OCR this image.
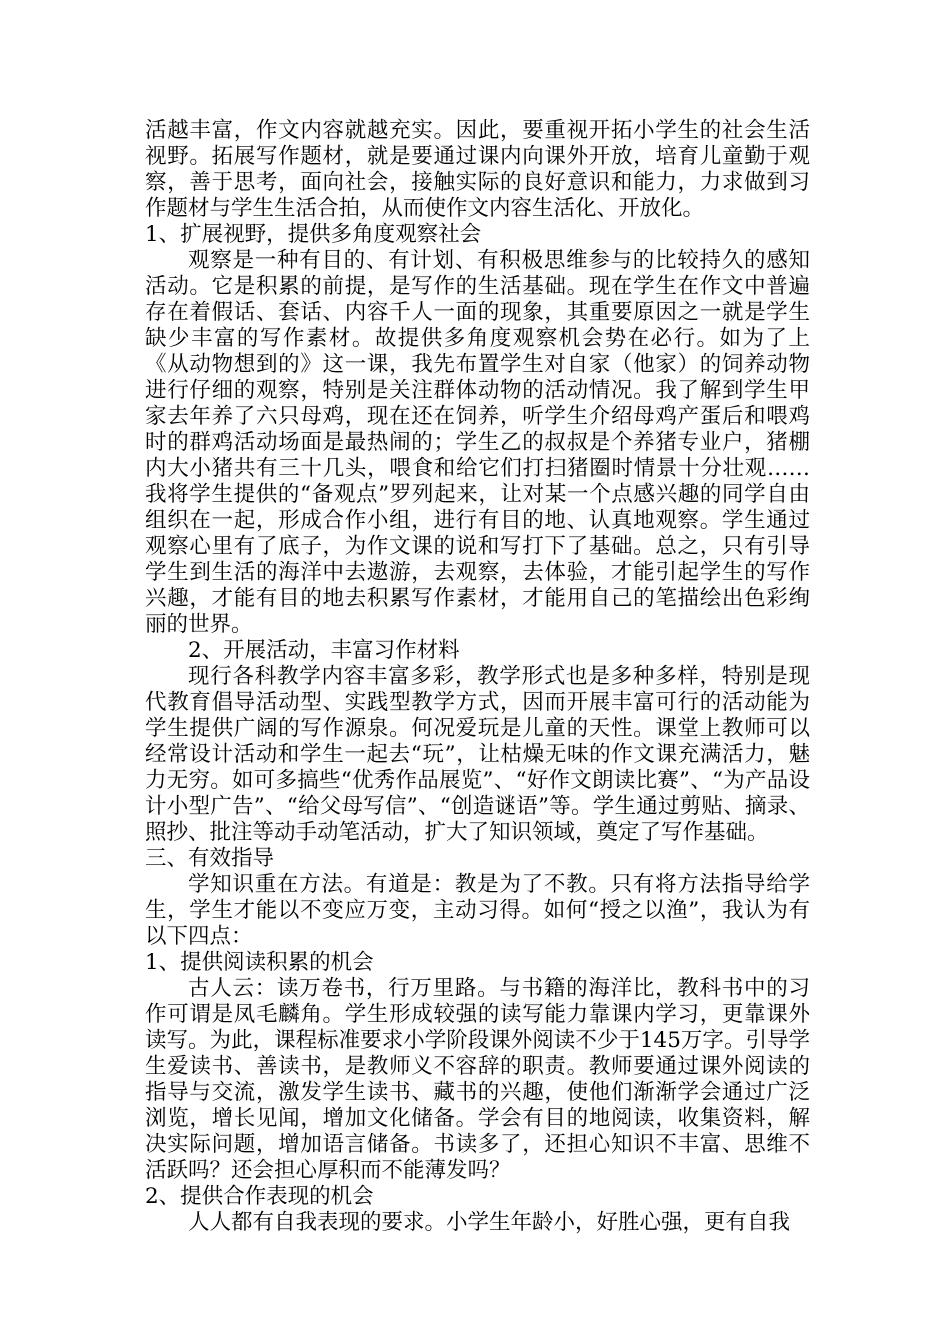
活越丰富，作文内容就越充实。因此，要重视开拓小学生的社会生活视野。拓展写作题材，就是要通过课内向课外开放，培育儿童勤于观察，善于思考，面向社会，接触实际的良好意识和能力，力求做到习作题材与学生生活合拍，从而使作文内容生活化、开放化。

1、扩展视野，提供多角度观察社会

观察是一种有目的、有计划、有积极思维参与的比较持久的感知活动。它是积累的前提，是写作的生活基础。现在学生在作文中普遍存在着假话、套话、内容千人一面的现象，其重要原因之一就是学生缺少丰富的写作素材。故提供多角度观察机会势在必行。如为了上《从动物想到的》这一课，我先布置学生对自家（他家）的饲养动物进行仔细的观察，特别是关注群体动物的活动情况。我了解到学生甲家去年养了六只母鸡，现在还在饲养，听学生介绍母鸡产蛋后和喂鸡时的群鸡活动场面是最热闹的；学生乙的叔叔是个养猪专业户，猪棚内大小猪共有三十几头，喂食和给它们打扫猪圈时情景十分壮观……我将学生提供的“备观点”罗列起来，让对某一个点感兴趣的同学自由组织在一起，形成合作小组，进行有目的地、认真地观察。学生通过观察心里有了底子，为作文课的说和写打下了基础。总之，只有引导学生到生活的海洋中去遨游，去观察，去体验，才能引起学生的写作兴趣，才能有目的地去积累写作素材，才能用自己的笔描绘出色彩绚丽的世界。

2、开展活动，丰富习作材料

现行各科教学内容丰富多彩，教学形式也是多种多样，特别是现代教育倡导活动型、实践型教学方式，因而开展丰富可行的活动能为学生提供广阔的写作源泉。何况爱玩是儿童的天性。课堂上教师可以经常设计活动和学生一起去“玩”，让枯燥无味的作文课充满活力，魅力无穷。如可多搞些“优秀作品展览”、“好作文朗读比赛”、“为产品设计小型广告”、“给父母写信”、“创造谜语”等。学生通过剪贴、摘录、照抄、批注等动手动笔活动，扩大了知识领域，奠定了写作基础。

三、有效指导

学知识重在方法。有道是：教是为了不教。只有将方法指导给学生，学生才能以不变应万变，主动习得。如何“授之以渔”，我认为有以下四点：

1、提供阅读积累的机会

古人云：读万卷书，行万里路。与书籍的海洋比，教科书中的习作可谓是凤毛麟角。学生形成较强的读写能力靠课内学习，更靠课外读写。为此，课程标准要求小学阶段课外阅读不少于145万字。引导学生爱读书、善读书，是教师义不容辞的职责。教师要通过课外阅读的指导与交流，激发学生读书、藏书的兴趣，使他们渐渐学会通过广泛浏览，增长见闻，增加文化储备。学会有目的地阅读，收集资料，解决实际问题，增加语言储备。书读多了，还担心知识不丰富、思维不活跃吗？还会担心厚积而不能薄发吗？

2、提供合作表现的机会

人人都有自我表现的要求。小学生年龄小，好胜心强，更有自我
